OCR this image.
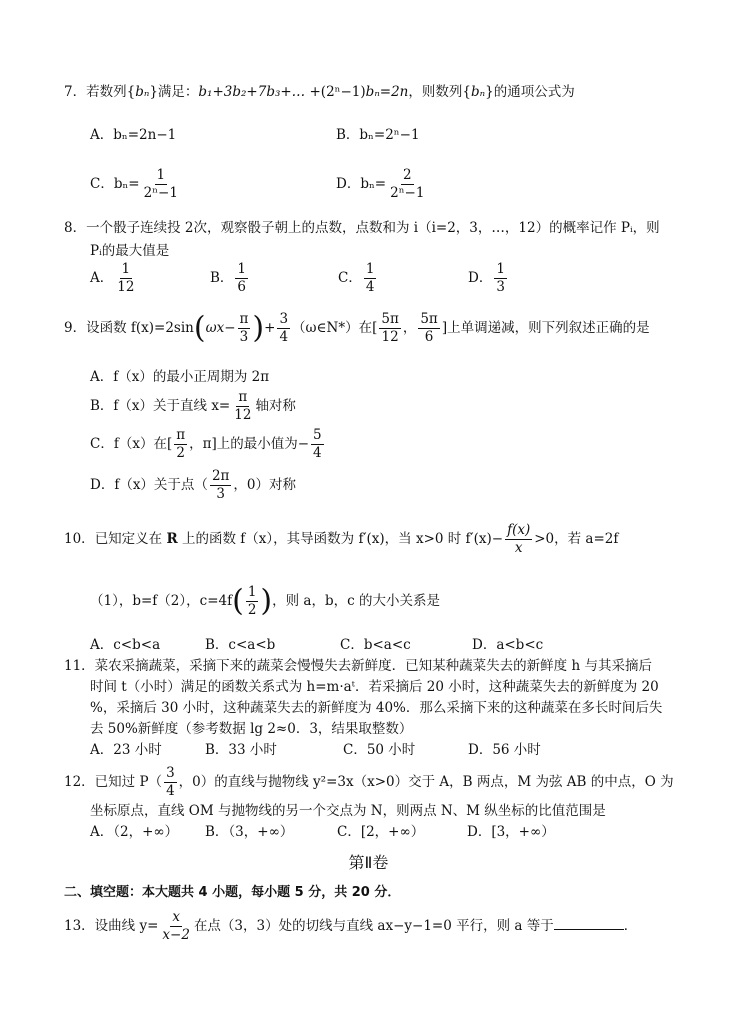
7．若数列{bₙ}满足：b₁+3b₂+7b₃+… +(2ⁿ−1)bₙ=2n，则数列{bₙ}的通项公式为
A．bₙ=2n−1	B．bₙ=2ⁿ−1
C．$b_n= \frac{1}{\text{2ⁿ−1}}$	D．$b_n= \frac{2}{\text{2ⁿ−1}}$
8．一个骰子连续投 2次，观察骰子朝上的点数，点数和为 i（i=2，3，…，12）的概率记作 Pᵢ，则
Pᵢ的最大值是
A． $\frac{1}{12}$	B． $\frac{1}{6}$	C． $\frac{1}{4}$	D． $\frac{1}{3}$
9．设函数 $f(x)=2\sin(\omega x- \frac{\pi}{3}$ )+ $\frac{3}{4}$ （ω∈N*）在[ $\frac{5\pi}{12}$ ， $\frac{5\pi}{6}$ ]上单调递减，则下列叙述正确的是
A．f（x）的最小正周期为 2π
B．f（x）关于直线 $x= \frac{\pi}{12}$ 轴对称
C．f（x）在[ $\frac{\pi}{2}$ ，π]上的最小值为− $\frac{5}{4}$
D．f（x）关于点（ $\frac{2\pi}{3}$ ，0）对称
10．已知定义在 R 上的函数 f（x），其导函数为 f′(x)，当 x>0 时 $f'(x)- \frac{f(x)}{x} >0$，若 a=2f
（1），b=f（2），$c=4f( \frac{1}{2}$ )，则 a，b，c 的大小关系是
A．c<b<a	B．c<a<b	C．b<a<c	D．a<b<c
11．菜农采摘蔬菜，采摘下来的蔬菜会慢慢失去新鲜度．已知某种蔬菜失去的新鲜度 h 与其采摘后
时间 t（小时）满足的函数关系式为 h=m·aᵗ．若采摘后 20 小时，这种蔬菜失去的新鲜度为 20
%，采摘后 30 小时，这种蔬菜失去的新鲜度为 40%．那么采摘下来的这种蔬菜在多长时间后失
去 50%新鲜度（参考数据 lg 2≈0．3，结果取整数）
A．23 小时	B．33 小时	C．50 小时	D．56 小时
12．已知过 $P( \frac{3}{4}$ ，0）的直线与抛物线 y²=3x（x>0）交于 A，B 两点，M 为弦 AB 的中点，O 为
坐标原点，直线 OM 与抛物线的另一个交点为 N，则两点 N、M 纵坐标的比值范围是
A．（2，+∞） B．（3，+∞）	C．[2，+∞）	D．[3，+∞）
第Ⅱ卷
二、填空题：本大题共 4 小题，每小题 5 分，共 20 分．
13．设曲线 $y= \frac{x}{x-2}$ 在点（3，3）处的切线与直线 ax−y−1=0 平行，则 a 等于	．
